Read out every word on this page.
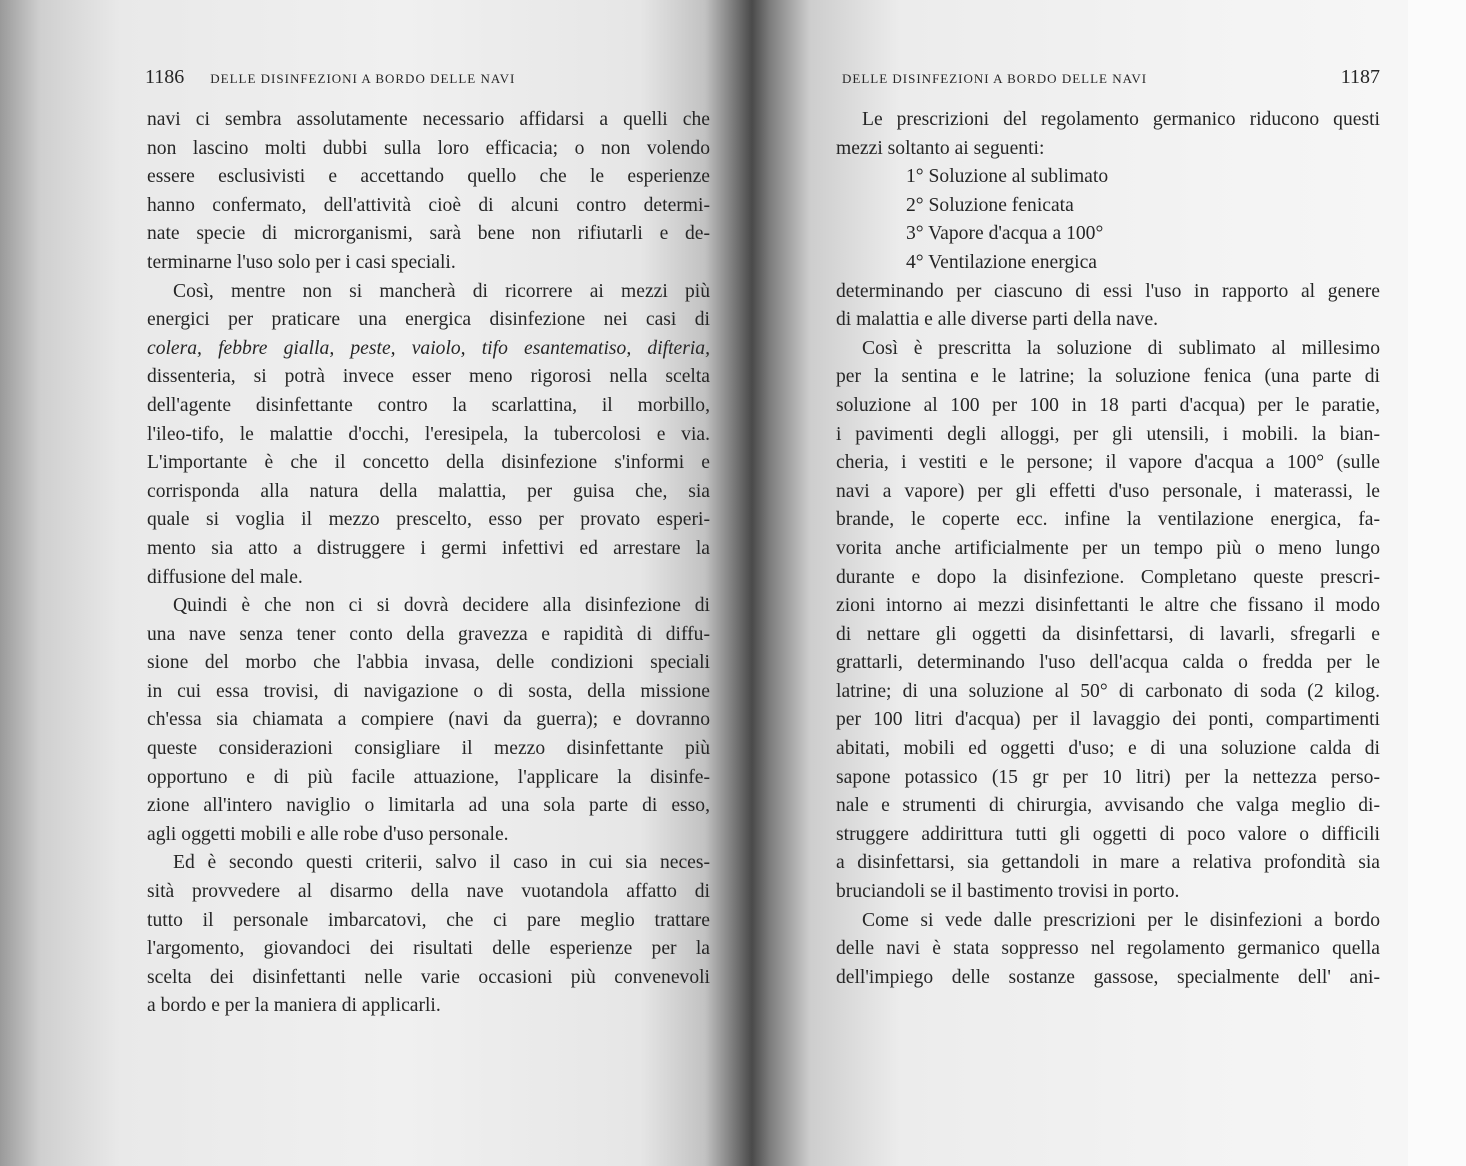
1186 DELLE DISINFEZIONI A BORDO DELLE NAVI
navi ci sembra assolutamente necessario affidarsi a quelli che
non lascino molti dubbi sulla loro efficacia; o non volendo
essere esclusivisti e accettando quello che le esperienze
hanno confermato, dell'attività cioè di alcuni contro determi-
nate specie di microrganismi, sarà bene non rifiutarli e de-
terminarne l'uso solo per i casi speciali.
Così, mentre non si mancherà di ricorrere ai mezzi più
energici per praticare una energica disinfezione nei casi di
colera, febbre gialla, peste, vaiolo, tifo esantematiso, difteria,
dissenteria, si potrà invece esser meno rigorosi nella scelta
dell'agente disinfettante contro la scarlattina, il morbillo,
l'ileo-tifo, le malattie d'occhi, l'eresipela, la tubercolosi e via.
L'importante è che il concetto della disinfezione s'informi e
corrisponda alla natura della malattia, per guisa che, sia
quale si voglia il mezzo prescelto, esso per provato esperi-
mento sia atto a distruggere i germi infettivi ed arrestare la
diffusione del male.
Quindi è che non ci si dovrà decidere alla disinfezione di
una nave senza tener conto della gravezza e rapidità di diffu-
sione del morbo che l'abbia invasa, delle condizioni speciali
in cui essa trovisi, di navigazione o di sosta, della missione
ch'essa sia chiamata a compiere (navi da guerra); e dovranno
queste considerazioni consigliare il mezzo disinfettante più
opportuno e di più facile attuazione, l'applicare la disinfe-
zione all'intero naviglio o limitarla ad una sola parte di esso,
agli oggetti mobili e alle robe d'uso personale.
Ed è secondo questi criterii, salvo il caso in cui sia neces-
sità provvedere al disarmo della nave vuotandola affatto di
tutto il personale imbarcatovi, che ci pare meglio trattare
l'argomento, giovandoci dei risultati delle esperienze per la
scelta dei disinfettanti nelle varie occasioni più convenevoli
a bordo e per la maniera di applicarli.
DELLE DISINFEZIONI A BORDO DELLE NAVI	1187
Le prescrizioni del regolamento germanico riducono questi
mezzi soltanto ai seguenti:
1° Soluzione al sublimato
2° Soluzione fenicata
3° Vapore d'acqua a 100°
4° Ventilazione energica
determinando per ciascuno di essi l'uso in rapporto al genere
di malattia e alle diverse parti della nave.
Così è prescritta la soluzione di sublimato al millesimo
per la sentina e le latrine; la soluzione fenica (una parte di
soluzione al 100 per 100 in 18 parti d'acqua) per le paratie,
i pavimenti degli alloggi, per gli utensili, i mobili. la bian-
cheria, i vestiti e le persone; il vapore d'acqua a 100° (sulle
navi a vapore) per gli effetti d'uso personale, i materassi, le
brande, le coperte ecc. infine la ventilazione energica, fa-
vorita anche artificialmente per un tempo più o meno lungo
durante e dopo la disinfezione. Completano queste prescri-
zioni intorno ai mezzi disinfettanti le altre che fissano il modo
di nettare gli oggetti da disinfettarsi, di lavarli, sfregarli e
grattarli, determinando l'uso dell'acqua calda o fredda per le
latrine; di una soluzione al 50° di carbonato di soda (2 kilog.
per 100 litri d'acqua) per il lavaggio dei ponti, compartimenti
abitati, mobili ed oggetti d'uso; e di una soluzione calda di
sapone potassico (15 gr per 10 litri) per la nettezza perso-
nale e strumenti di chirurgia, avvisando che valga meglio di-
struggere addirittura tutti gli oggetti di poco valore o difficili
a disinfettarsi, sia gettandoli in mare a relativa profondità sia
bruciandoli se il bastimento trovisi in porto.
Come si vede dalle prescrizioni per le disinfezioni a bordo
delle navi è stata soppresso nel regolamento germanico quella
dell'impiego delle sostanze gassose, specialmente dell' ani-
